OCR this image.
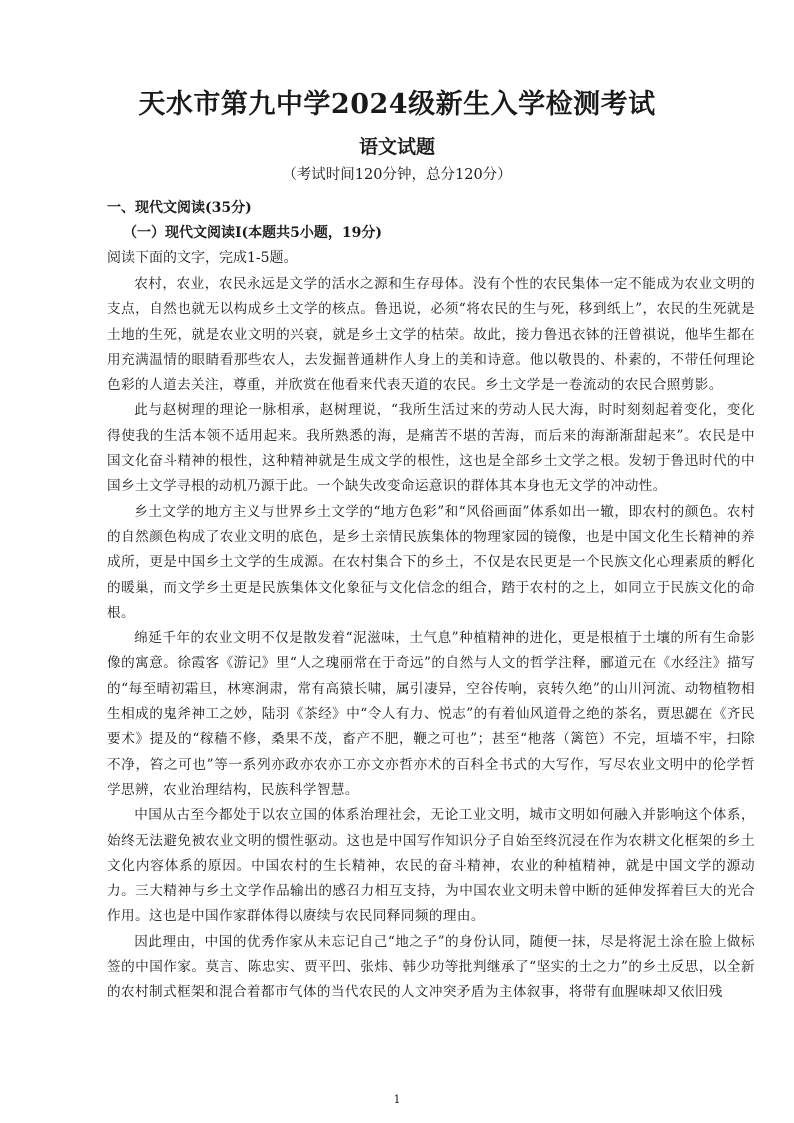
天水市第九中学2024级新生入学检测考试
语文试题
（考试时间120分钟，总分120分）
一、现代文阅读(35分)
（一）现代文阅读Ⅰ(本题共5小题，19分)
阅读下面的文字，完成1-5题。

农村，农业，农民永远是文学的活水之源和生存母体。没有个性的农民集体一定不能成为农业文明的支点，自然也就无以构成乡土文学的核点。鲁迅说，必须“将农民的生与死，移到纸上”，农民的生死就是土地的生死，就是农业文明的兴衰，就是乡土文学的枯荣。故此，接力鲁迅衣钵的汪曾祺说，他毕生都在用充满温情的眼睛看那些农人，去发掘普通耕作人身上的美和诗意。他以敬畏的、朴素的，不带任何理论色彩的人道去关注，尊重，并欣赏在他看来代表天道的农民。乡土文学是一卷流动的农民合照剪影。

此与赵树理的理论一脉相承，赵树理说，“我所生活过来的劳动人民大海，时时刻刻起着变化，变化得使我的生活本领不适用起来。我所熟悉的海，是痛苦不堪的苦海，而后来的海渐渐甜起来”。农民是中国文化奋斗精神的根性，这种精神就是生成文学的根性，这也是全部乡土文学之根。发轫于鲁迅时代的中国乡土文学寻根的动机乃源于此。一个缺失改变命运意识的群体其本身也无文学的冲动性。

乡土文学的地方主义与世界乡土文学的“地方色彩”和“风俗画面”体系如出一辙，即农村的颜色。农村的自然颜色构成了农业文明的底色，是乡土亲情民族集体的物理家园的镜像，也是中国文化生长精神的养成所，更是中国乡土文学的生成源。在农村集合下的乡土，不仅是农民更是一个民族文化心理素质的孵化的暖巢，而文学乡土更是民族集体文化象征与文化信念的组合，踏于农村的之上，如同立于民族文化的命根。

绵延千年的农业文明不仅是散发着“泥滋味，土气息”种植精神的进化，更是根植于土壤的所有生命影像的寓意。徐霞客《游记》里“人之瑰丽常在于奇远”的自然与人文的哲学注释，郦道元在《水经注》描写的“每至晴初霜旦，林寒涧肃，常有高猿长啸，属引凄异，空谷传响，哀转久绝”的山川河流、动物植物相生相成的鬼斧神工之妙，陆羽《茶经》中“令人有力、悦志”的有着仙风道骨之绝的茶名，贾思勰在《齐民要术》提及的“稼穑不修，桑果不茂，畜产不肥，鞭之可也”；甚至“杝落（篱笆）不完，垣墙不牢，扫除不净，笞之可也”等一系列亦政亦农亦工亦文亦哲亦术的百科全书式的大写作，写尽农业文明中的伦学哲学思辨，农业治理结构，民族科学智慧。

中国从古至今都处于以农立国的体系治理社会，无论工业文明，城市文明如何融入并影响这个体系，始终无法避免被农业文明的惯性驱动。这也是中国写作知识分子自始至终沉浸在作为农耕文化框架的乡土文化内容体系的原因。中国农村的生长精神，农民的奋斗精神，农业的种植精神，就是中国文学的源动力。三大精神与乡土文学作品输出的感召力相互支持，为中国农业文明未曾中断的延伸发挥着巨大的光合作用。这也是中国作家群体得以赓续与农民同释同频的理由。

因此理由，中国的优秀作家从未忘记自己“地之子”的身份认同，随便一抹，尽是将泥土涂在脸上做标签的中国作家。莫言、陈忠实、贾平凹、张炜、韩少功等批判继承了“坚实的土之力”的乡土反思，以全新的农村制式框架和混合着都市气体的当代农民的人文冲突矛盾为主体叙事，将带有血腥味却又依旧残

1
